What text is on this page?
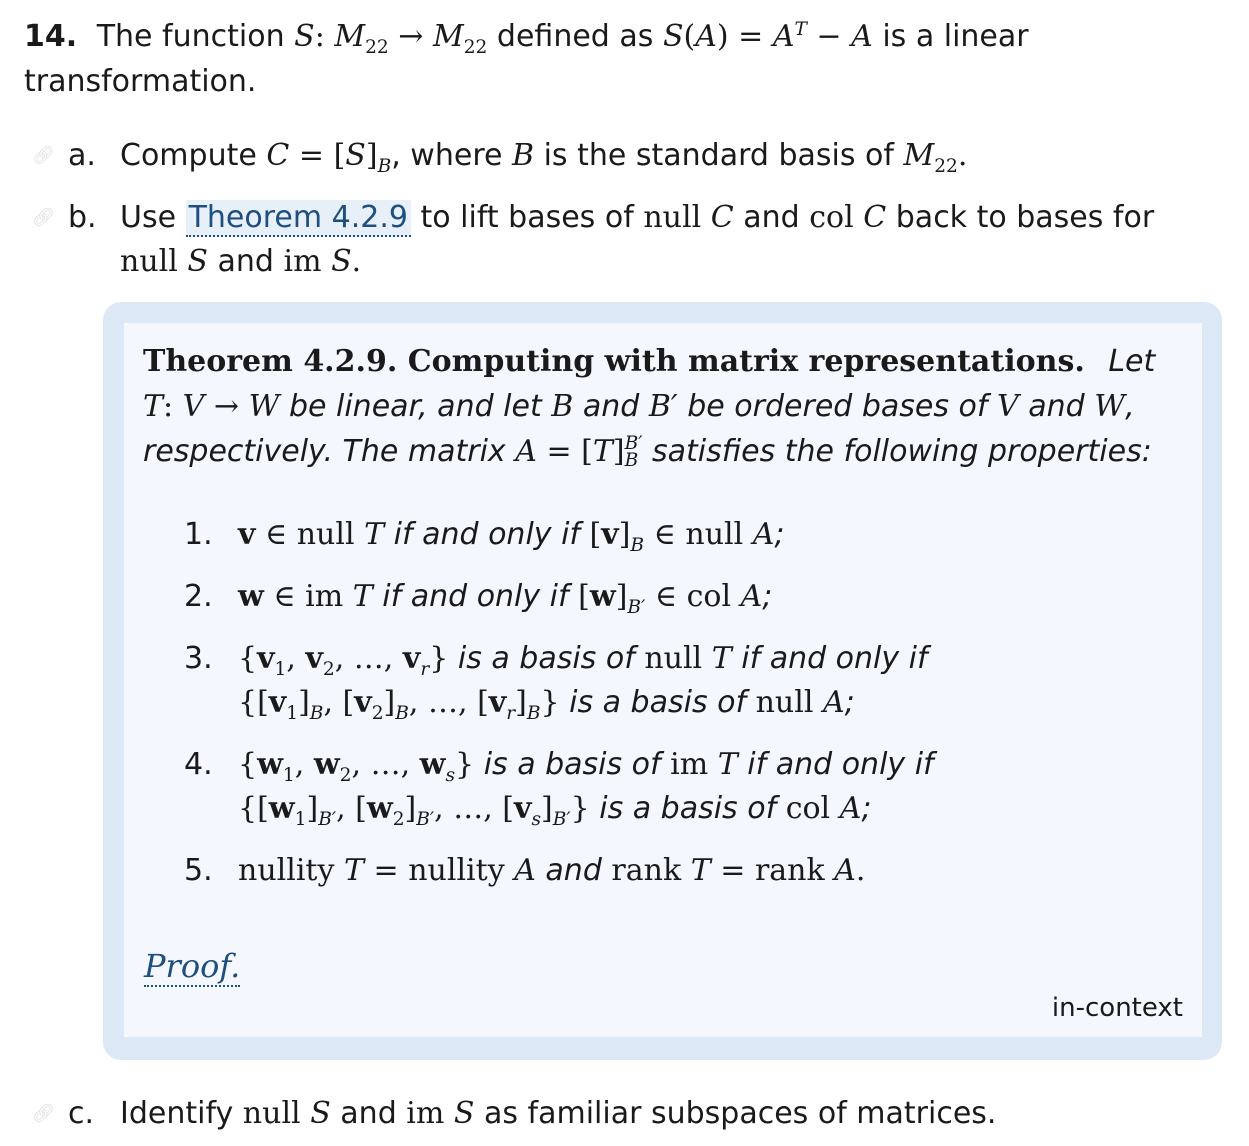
14. The function S: $M_{22} \to M_{22}$ defined as $S(A) = A^T - A$ is a linear transformation.
🔗︎ a. Compute $C = [S]_B$, where B is the standard basis of $M_{22}$.
🔗︎ b. Use Theorem 4.2.9 to lift bases of null C and col C back to bases for
null S and im S.
Theorem 4.2.9. Computing with matrix representations. Let
T: V → W be linear, and let B and B′ be ordered bases of V and W, respectively. The matrix A = [T] B′
B satisfies the following properties:
1. v ∈ null T if and only if $[v]_B$ ∈ null A;
2. w ∈ im T if and only if $[w]_{B'}$ ∈ col A;
3. {$v_1$, $v_2$, …, $v_r$} is a basis of null T if and only if
{$[v_1]_B$, $[v_2]_B$, …, $[v_r]_B$} is a basis of null A;
4. {$w_1$, $w_2$, …, $w_s$} is a basis of im T if and only if
{$[w_1]_{B'}$, $[w_2]_{B'}$, …, $[v_s]_{B'}$} is a basis of col A;
5. nullity T = nullity A and rank T = rank A.
Proof.
in-context
🔗︎ c. Identify null S and im S as familiar subspaces of matrices.
